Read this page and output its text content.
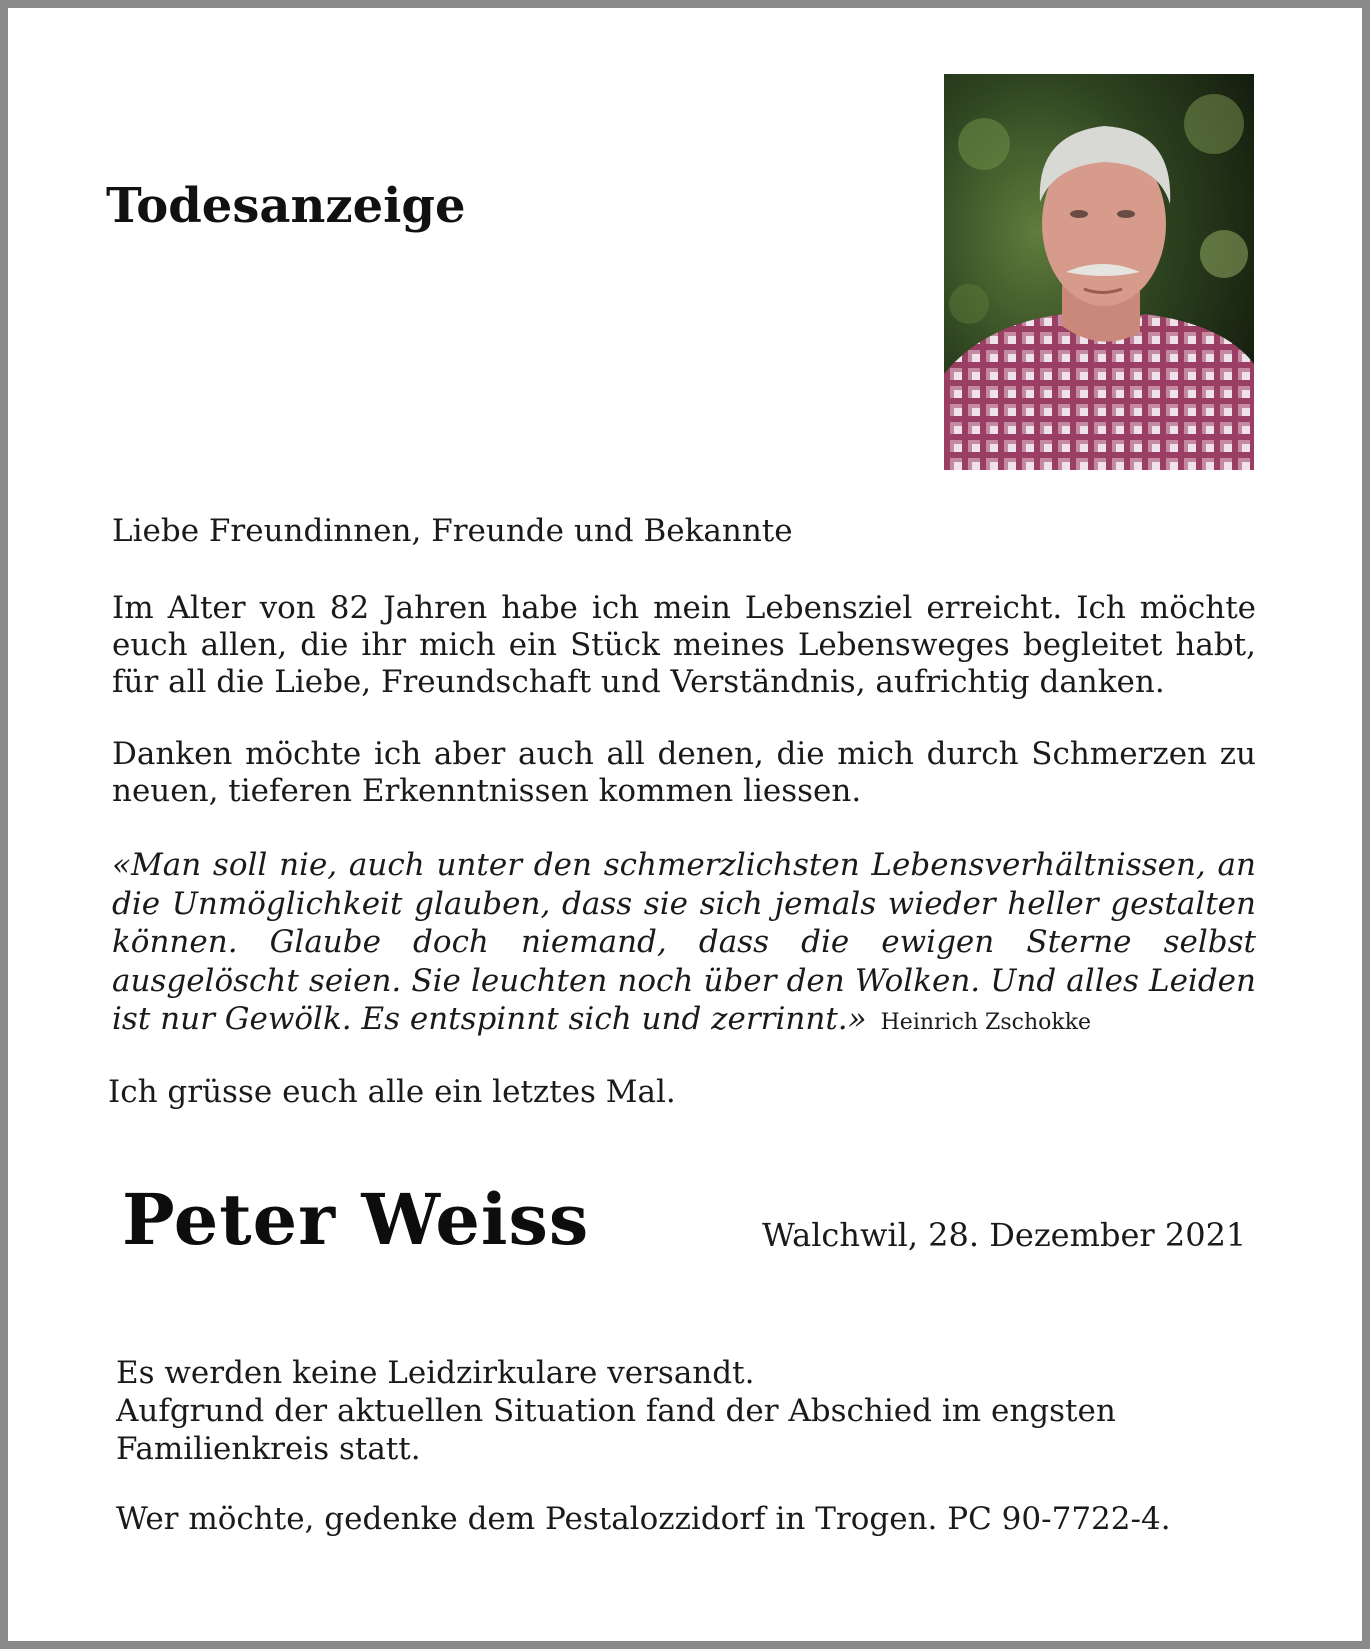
Todesanzeige

Liebe Freundinnen, Freunde und Bekannte

Im Alter von 82 Jahren habe ich mein Lebensziel erreicht. Ich möchte euch allen, die ihr mich ein Stück meines Lebensweges begleitet habt, für all die Liebe, Freundschaft und Verständnis, aufrichtig danken.

Danken möchte ich aber auch all denen, die mich durch Schmerzen zu neuen, tieferen Erkenntnissen kommen liessen.

«Man soll nie, auch unter den schmerzlichsten Lebensverhältnissen, an die Unmöglichkeit glauben, dass sie sich jemals wieder heller gestalten können. Glaube doch niemand, dass die ewigen Sterne selbst ausgelöscht seien. Sie leuchten noch über den Wolken. Und alles Leiden ist nur Gewölk. Es entspinnt sich und zerrinnt.» Heinrich Zschokke

Ich grüsse euch alle ein letztes Mal.

Peter Weiss	Walchwil, 28. Dezember 2021

Es werden keine Leidzirkulare versandt.
Aufgrund der aktuellen Situation fand der Abschied im engsten Familienkreis statt.
Wer möchte, gedenke dem Pestalozzidorf in Trogen. PC 90-7722-4.
